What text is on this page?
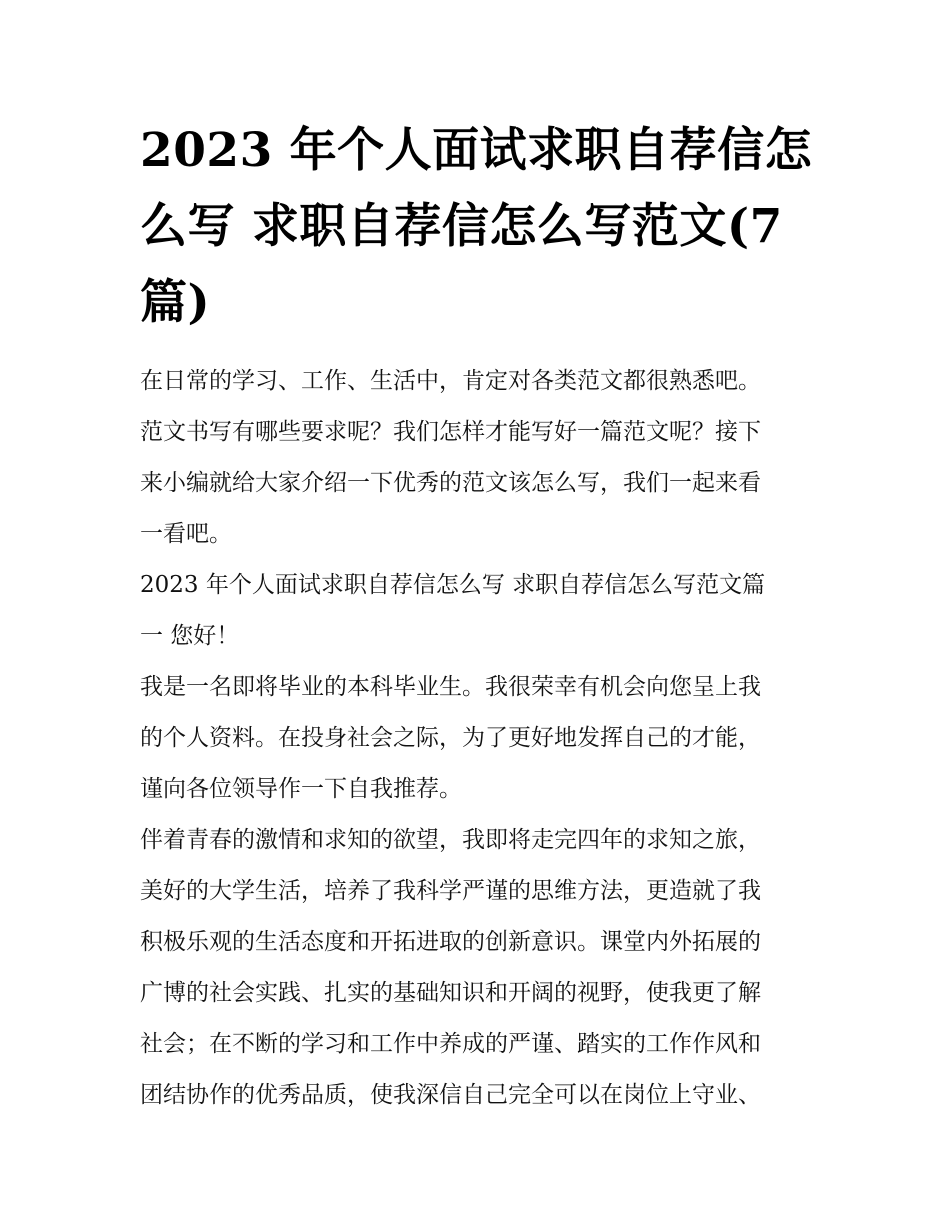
2023 年个人面试求职自荐信怎
么写 求职自荐信怎么写范文(7
篇)
在日常的学习、工作、生活中，肯定对各类范文都很熟悉吧。
范文书写有哪些要求呢？我们怎样才能写好一篇范文呢？接下
来小编就给大家介绍一下优秀的范文该怎么写，我们一起来看
一看吧。
2023 年个人面试求职自荐信怎么写 求职自荐信怎么写范文篇
一 您好！
我是一名即将毕业的本科毕业生。我很荣幸有机会向您呈上我
的个人资料。在投身社会之际，为了更好地发挥自己的才能，
谨向各位领导作一下自我推荐。
伴着青春的激情和求知的欲望，我即将走完四年的求知之旅，
美好的大学生活，培养了我科学严谨的思维方法，更造就了我
积极乐观的生活态度和开拓进取的创新意识。课堂内外拓展的
广博的社会实践、扎实的基础知识和开阔的视野，使我更了解
社会；在不断的学习和工作中养成的严谨、踏实的工作作风和
团结协作的优秀品质，使我深信自己完全可以在岗位上守业、
